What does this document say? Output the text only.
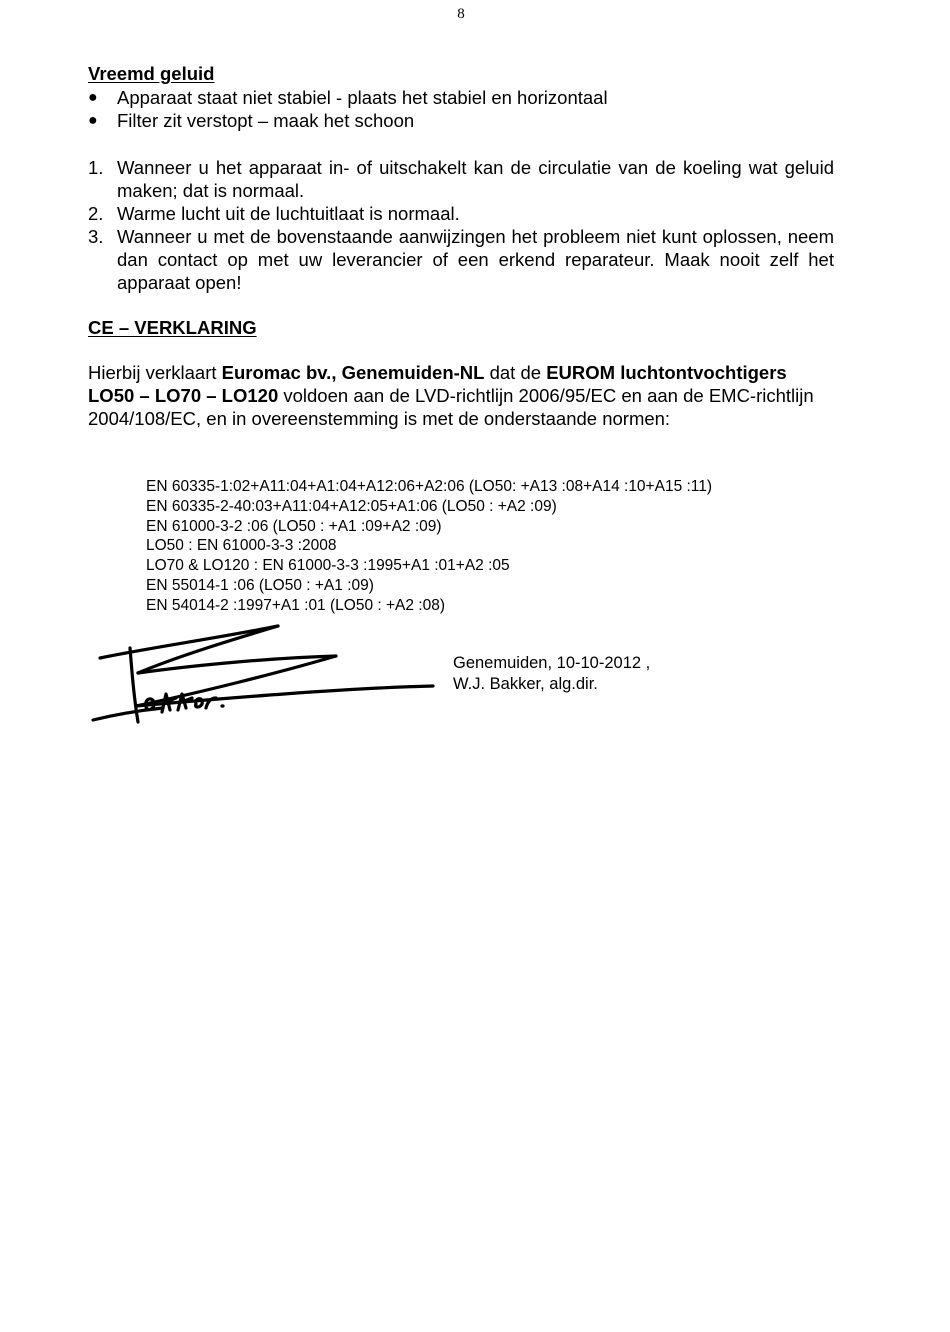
8
Vreemd geluid
●	Apparaat staat niet stabiel - plaats het stabiel en horizontaal
●	Filter zit verstopt – maak het schoon
1. Wanneer u het apparaat in- of uitschakelt kan de circulatie van de koeling wat geluid maken; dat is normaal.
2. Warme lucht uit de luchtuitlaat is normaal.
3. Wanneer u met de bovenstaande aanwijzingen het probleem niet kunt oplossen, neem dan contact op met uw leverancier of een erkend reparateur. Maak nooit zelf het apparaat open!
CE – VERKLARING

Hierbij verklaart Euromac bv., Genemuiden-NL dat de EUROM luchtontvochtigers LO50 – LO70 – LO120 voldoen aan de LVD-richtlijn 2006/95/EC en aan de EMC-richtlijn 2004/108/EC, en in overeenstemming is met de onderstaande normen:

EN 60335-1:02+A11:04+A1:04+A12:06+A2:06 (LO50: +A13 :08+A14 :10+A15 :11)
EN 60335-2-40:03+A11:04+A12:05+A1:06 (LO50 : +A2 :09)
EN 61000-3-2 :06 (LO50 : +A1 :09+A2 :09)
LO50 : EN 61000-3-3 :2008
LO70 & LO120 : EN 61000-3-3 :1995+A1 :01+A2 :05
EN 55014-1 :06 (LO50 : +A1 :09)
EN 54014-2 :1997+A1 :01 (LO50 : +A2 :08)
Genemuiden, 10-10-2012 ,
W.J. Bakker, alg.dir.
